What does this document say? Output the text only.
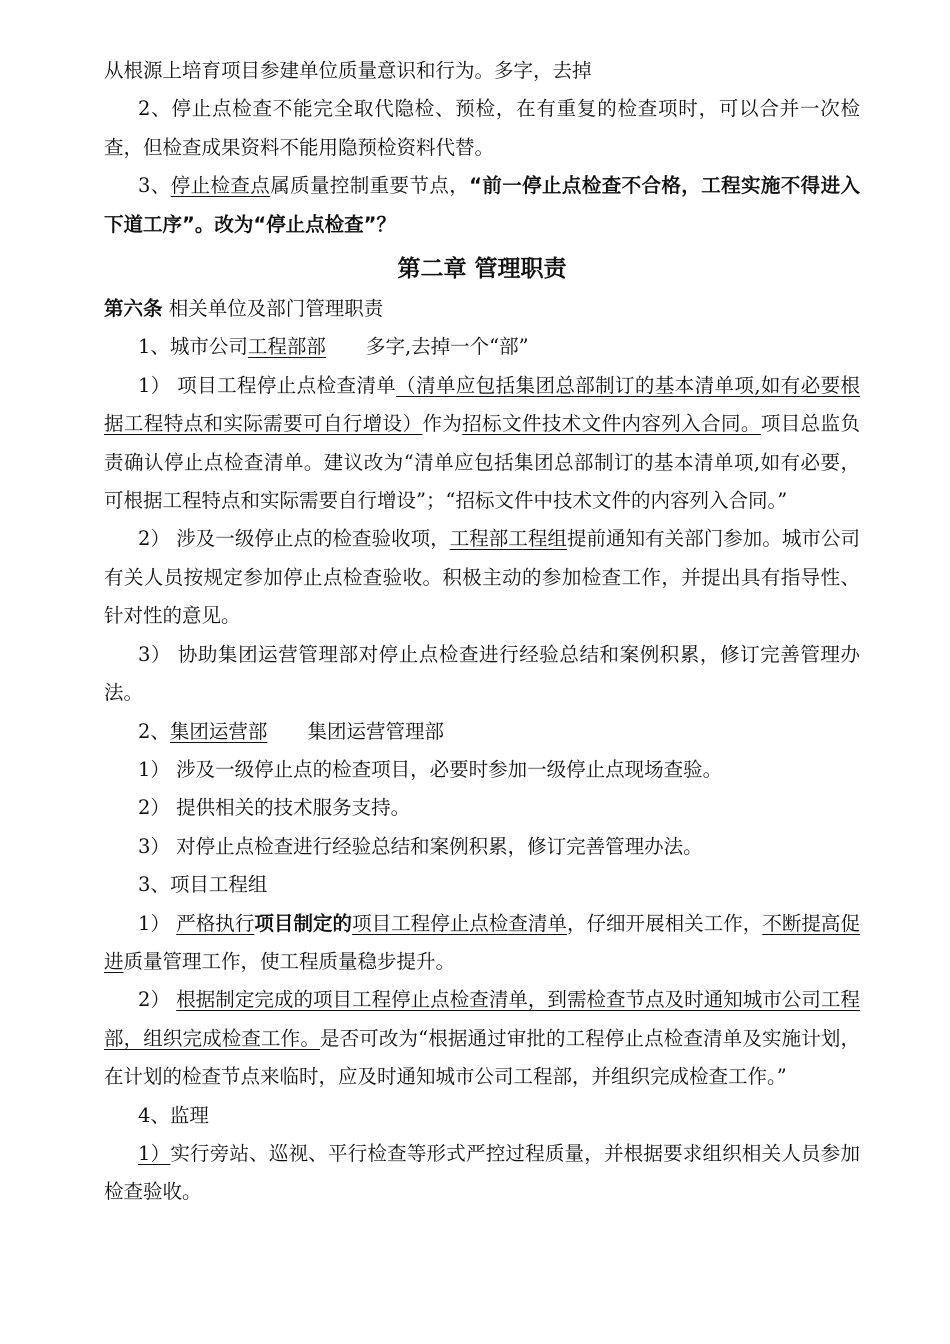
从根源上培育项目参建单位质量意识和行为。多字，去掉

2、停止点检查不能完全取代隐检、预检，在有重复的检查项时，可以合并一次检查，但检查成果资料不能用隐预检资料代替。

3、停止检查点属质量控制重要节点，“前一停止点检查不合格，工程实施不得进入下道工序”。改为“停止点检查”？

第二章 管理职责

第六条 相关单位及部门管理职责

1、城市公司工程部部 多字,去掉一个“部”

1） 项目工程停止点检查清单（清单应包括集团总部制订的基本清单项,如有必要根据工程特点和实际需要可自行增设）作为招标文件技术文件内容列入合同。项目总监负责确认停止点检查清单。建议改为“清单应包括集团总部制订的基本清单项,如有必要，可根据工程特点和实际需要自行增设”；“招标文件中技术文件的内容列入合同。”

2） 涉及一级停止点的检查验收项，工程部工程组提前通知有关部门参加。城市公司有关人员按规定参加停止点检查验收。积极主动的参加检查工作，并提出具有指导性、针对性的意见。

3） 协助集团运营管理部对停止点检查进行经验总结和案例积累，修订完善管理办法。

2、集团运营部 集团运营管理部

1） 涉及一级停止点的检查项目，必要时参加一级停止点现场查验。

2） 提供相关的技术服务支持。

3） 对停止点检查进行经验总结和案例积累，修订完善管理办法。

3、项目工程组

1） 严格执行项目制定的项目工程停止点检查清单，仔细开展相关工作，不断提高促进质量管理工作，使工程质量稳步提升。

2） 根据制定完成的项目工程停止点检查清单，到需检查节点及时通知城市公司工程部，组织完成检查工作。是否可改为“根据通过审批的工程停止点检查清单及实施计划，在计划的检查节点来临时，应及时通知城市公司工程部，并组织完成检查工作。”

4、监理

1）实行旁站、巡视、平行检查等形式严控过程质量，并根据要求组织相关人员参加检查验收。
